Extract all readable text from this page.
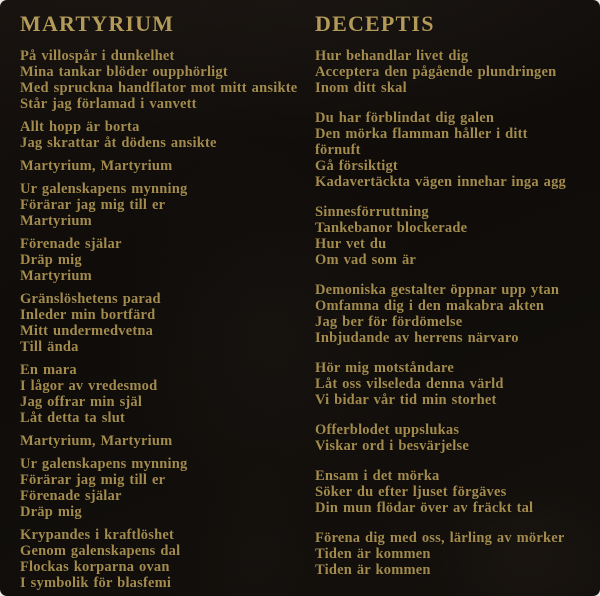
MARTYRIUM
På villospår i dunkelhet
Mina tankar blöder oupphörligt
Med spruckna handflator mot mitt ansikte
Står jag förlamad i vanvett
Allt hopp är borta
Jag skrattar åt dödens ansikte
Martyrium, Martyrium
Ur galenskapens mynning
Förärar jag mig till er
Martyrium
Förenade själar
Dräp mig
Martyrium
Gränslöshetens parad
Inleder min bortfärd
Mitt undermedvetna
Till ända
En mara
I lågor av vredesmod
Jag offrar min själ
Låt detta ta slut
Martyrium, Martyrium
Ur galenskapens mynning
Förärar jag mig till er
Förenade själar
Dräp mig
Krypandes i kraftlöshet
Genom galenskapens dal
Flockas korparna ovan
I symbolik för blasfemi
DECEPTIS
Hur behandlar livet dig
Acceptera den pågående plundringen
Inom ditt skal
Du har förblindat dig galen
Den mörka flamman håller i ditt
förnuft
Gå försiktigt
Kadavertäckta vägen innehar inga agg
Sinnesförruttning
Tankebanor blockerade
Hur vet du
Om vad som är
Demoniska gestalter öppnar upp ytan
Omfamna dig i den makabra akten
Jag ber för fördömelse
Inbjudande av herrens närvaro
Hör mig motståndare
Låt oss vilseleda denna värld
Vi bidar vår tid min storhet
Offerblodet uppslukas
Viskar ord i besvärjelse
Ensam i det mörka
Söker du efter ljuset förgäves
Din mun flödar över av fräckt tal
Förena dig med oss, lärling av mörker
Tiden är kommen
Tiden är kommen
